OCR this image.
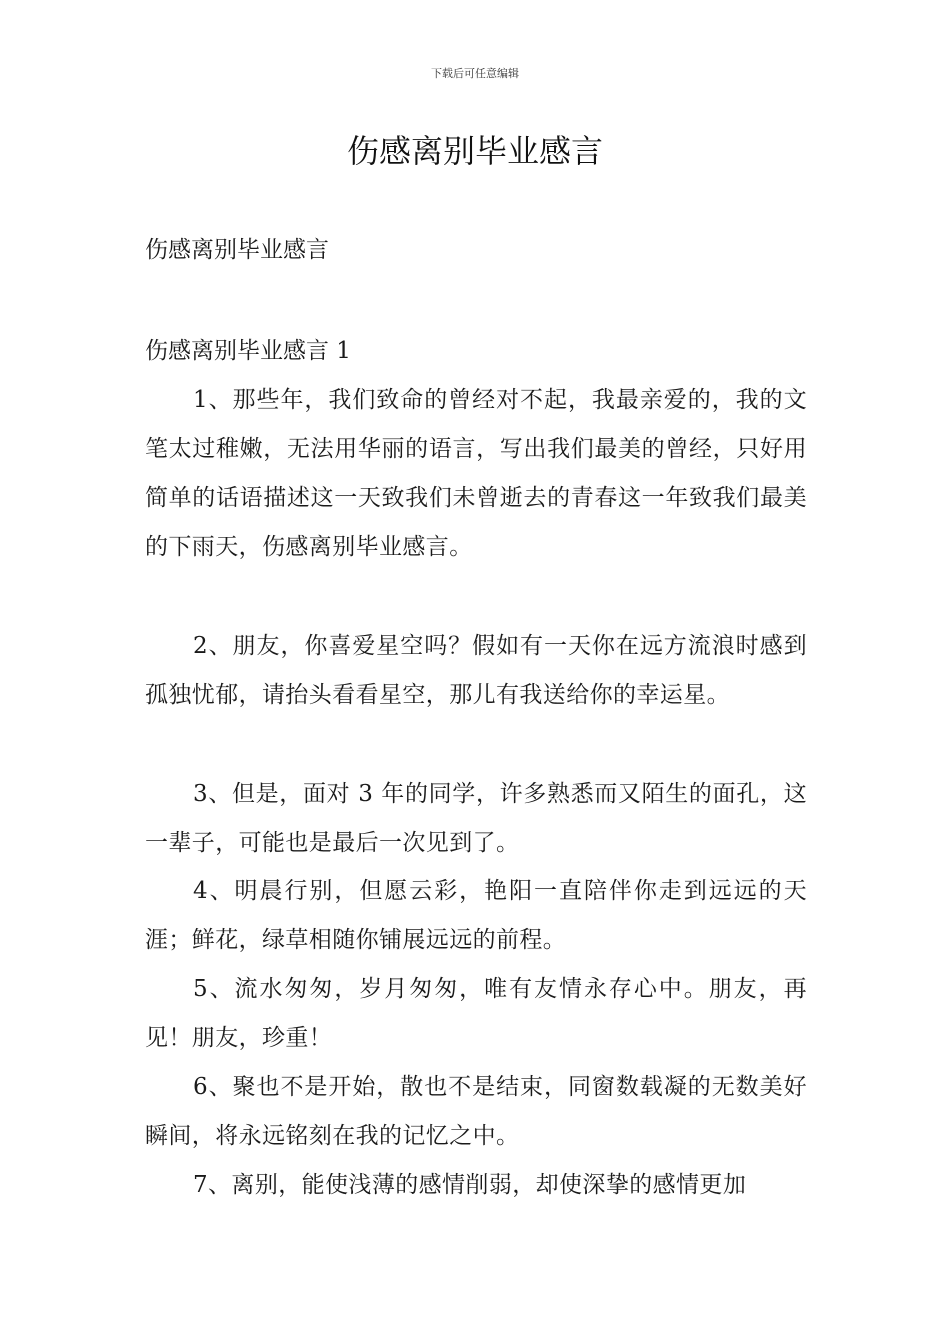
下载后可任意编辑
伤感离别毕业感言
伤感离别毕业感言
伤感离别毕业感言 1

1、那些年，我们致命的曾经对不起，我最亲爱的，我的文笔太过稚嫩，无法用华丽的语言，写出我们最美的曾经，只好用简单的话语描述这一天致我们未曾逝去的青春这一年致我们最美的下雨天，伤感离别毕业感言。

2、朋友，你喜爱星空吗？假如有一天你在远方流浪时感到孤独忧郁，请抬头看看星空，那儿有我送给你的幸运星。

3、但是，面对 3 年的同学，许多熟悉而又陌生的面孔，这一辈子，可能也是最后一次见到了。

4、明晨行别，但愿云彩，艳阳一直陪伴你走到远远的天涯；鲜花，绿草相随你铺展远远的前程。

5、流水匆匆，岁月匆匆，唯有友情永存心中。朋友，再见！朋友，珍重！

6、聚也不是开始，散也不是结束，同窗数载凝的无数美好瞬间，将永远铭刻在我的记忆之中。

7、离别，能使浅薄的感情削弱，却使深挚的感情更加
